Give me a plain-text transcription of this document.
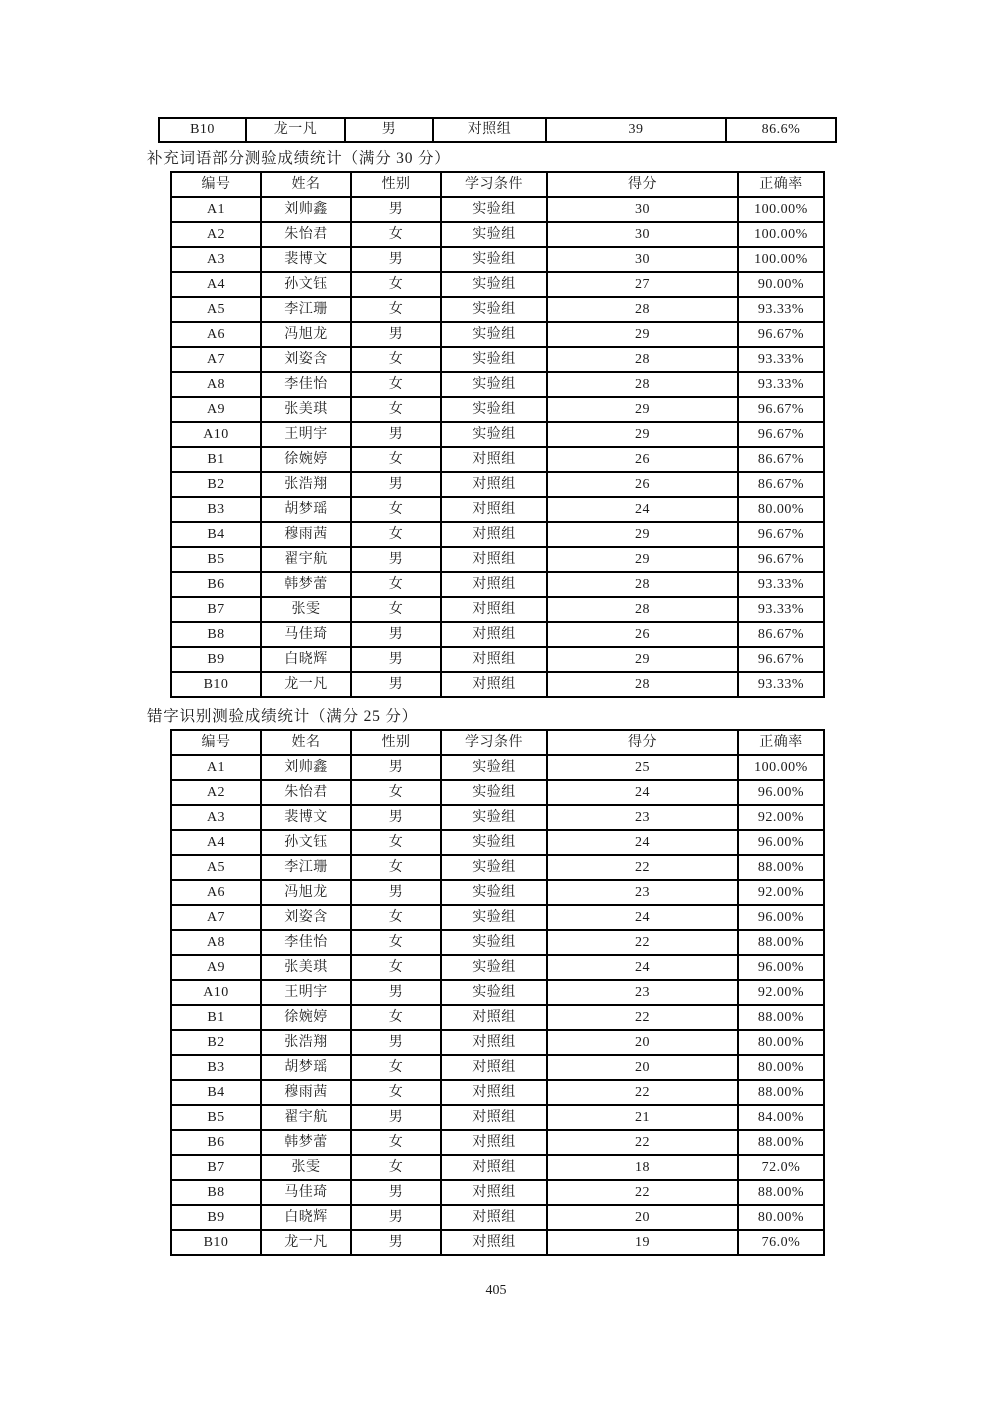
B10	龙一凡	男	对照组	39	86.6%
补充词语部分测验成绩统计（满分 30 分）
编号	姓名	性别	学习条件	得分	正确率
A1	刘帅鑫	男	实验组	30	100.00%
A2	朱怡君	女	实验组	30	100.00%
A3	裴博文	男	实验组	30	100.00%
A4	孙文钰	女	实验组	27	90.00%
A5	李江珊	女	实验组	28	93.33%
A6	冯旭龙	男	实验组	29	96.67%
A7	刘姿含	女	实验组	28	93.33%
A8	李佳怡	女	实验组	28	93.33%
A9	张美琪	女	实验组	29	96.67%
A10	王明宇	男	实验组	29	96.67%
B1	徐婉婷	女	对照组	26	86.67%
B2	张浩翔	男	对照组	26	86.67%
B3	胡梦瑶	女	对照组	24	80.00%
B4	穆雨茜	女	对照组	29	96.67%
B5	翟宇航	男	对照组	29	96.67%
B6	韩梦蕾	女	对照组	28	93.33%
B7	张雯	女	对照组	28	93.33%
B8	马佳琦	男	对照组	26	86.67%
B9	白晓辉	男	对照组	29	96.67%
B10	龙一凡	男	对照组	28	93.33%
错字识别测验成绩统计（满分 25 分）
编号	姓名	性别	学习条件	得分	正确率
A1	刘帅鑫	男	实验组	25	100.00%
A2	朱怡君	女	实验组	24	96.00%
A3	裴博文	男	实验组	23	92.00%
A4	孙文钰	女	实验组	24	96.00%
A5	李江珊	女	实验组	22	88.00%
A6	冯旭龙	男	实验组	23	92.00%
A7	刘姿含	女	实验组	24	96.00%
A8	李佳怡	女	实验组	22	88.00%
A9	张美琪	女	实验组	24	96.00%
A10	王明宇	男	实验组	23	92.00%
B1	徐婉婷	女	对照组	22	88.00%
B2	张浩翔	男	对照组	20	80.00%
B3	胡梦瑶	女	对照组	20	80.00%
B4	穆雨茜	女	对照组	22	88.00%
B5	翟宇航	男	对照组	21	84.00%
B6	韩梦蕾	女	对照组	22	88.00%
B7	张雯	女	对照组	18	72.0%
B8	马佳琦	男	对照组	22	88.00%
B9	白晓辉	男	对照组	20	80.00%
B10	龙一凡	男	对照组	19	76.0%
405
